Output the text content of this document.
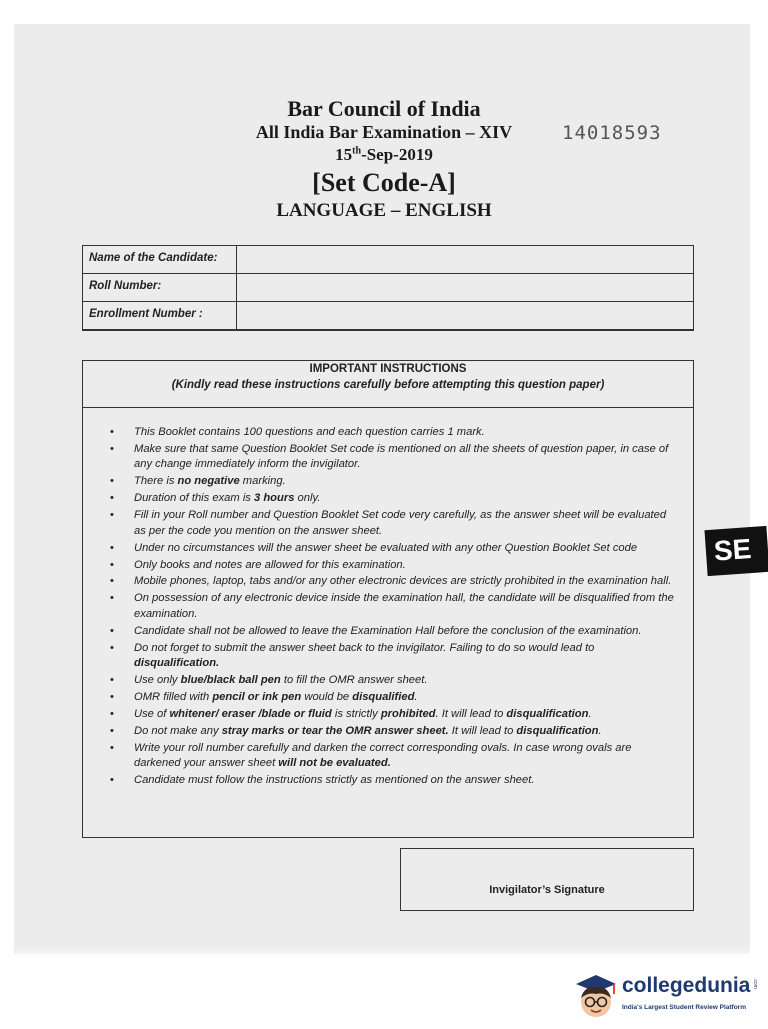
Bar Council of India
All India Bar Examination – XIV
15th-Sep-2019
[Set Code-A]
LANGUAGE – ENGLISH
14018593
Name of the Candidate:
Roll Number:
Enrollment Number :
IMPORTANT INSTRUCTIONS
(Kindly read these instructions carefully before attempting this question paper)
• This Booklet contains 100 questions and each question carries 1 mark.
• Make sure that same Question Booklet Set code is mentioned on all the sheets of question paper, in case of any change immediately inform the invigilator.
• There is no negative marking.
• Duration of this exam is 3 hours only.
• Fill in your Roll number and Question Booklet Set code very carefully, as the answer sheet will be evaluated as per the code you mention on the answer sheet.
• Under no circumstances will the answer sheet be evaluated with any other Question Booklet Set code
• Only books and notes are allowed for this examination.
• Mobile phones, laptop, tabs and/or any other electronic devices are strictly prohibited in the examination hall.
• On possession of any electronic device inside the examination hall, the candidate will be disqualified from the examination.
• Candidate shall not be allowed to leave the Examination Hall before the conclusion of the examination.
• Do not forget to submit the answer sheet back to the invigilator. Failing to do so would lead to disqualification.
• Use only blue/black ball pen to fill the OMR answer sheet.
• OMR filled with pencil or ink pen would be disqualified.
• Use of whitener/ eraser /blade or fluid is strictly prohibited. It will lead to disqualification.
• Do not make any stray marks or tear the OMR answer sheet. It will lead to disqualification.
• Write your roll number carefully and darken the correct corresponding ovals. In case wrong ovals are darkened your answer sheet will not be evaluated.
• Candidate must follow the instructions strictly as mentioned on the answer sheet.
Invigilator’s Signature
SE
collegedunia .com
India's Largest Student Review Platform
